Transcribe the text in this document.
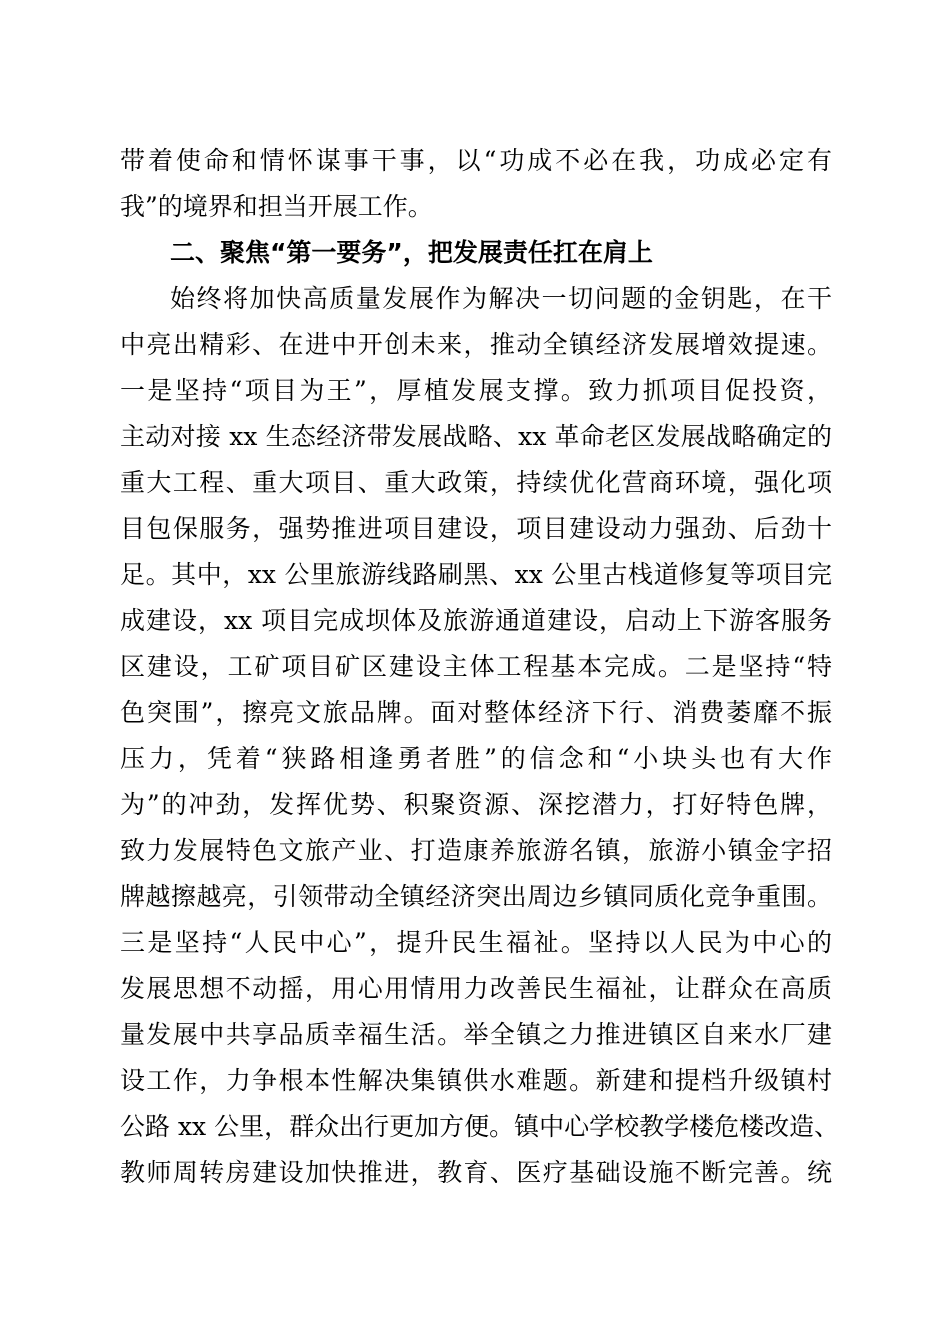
带着使命和情怀谋事干事，以“功成不必在我，功成必定有
我”的境界和担当开展工作。
二、聚焦“第一要务”，把发展责任扛在肩上
始终将加快高质量发展作为解决一切问题的金钥匙，在干
中亮出精彩、在进中开创未来，推动全镇经济发展增效提速。
一是坚持“项目为王”，厚植发展支撑。致力抓项目促投资，
主动对接 xx 生态经济带发展战略、xx 革命老区发展战略确定的
重大工程、重大项目、重大政策，持续优化营商环境，强化项
目包保服务，强势推进项目建设，项目建设动力强劲、后劲十
足。其中，xx 公里旅游线路刷黑、xx 公里古栈道修复等项目完
成建设，xx 项目完成坝体及旅游通道建设，启动上下游客服务
区建设，工矿项目矿区建设主体工程基本完成。二是坚持“特
色突围”，擦亮文旅品牌。面对整体经济下行、消费萎靡不振
压力，凭着“狭路相逢勇者胜”的信念和“小块头也有大作
为”的冲劲，发挥优势、积聚资源、深挖潜力，打好特色牌，
致力发展特色文旅产业、打造康养旅游名镇，旅游小镇金字招
牌越擦越亮，引领带动全镇经济突出周边乡镇同质化竞争重围。
三是坚持“人民中心”，提升民生福祉。坚持以人民为中心的
发展思想不动摇，用心用情用力改善民生福祉，让群众在高质
量发展中共享品质幸福生活。举全镇之力推进镇区自来水厂建
设工作，力争根本性解决集镇供水难题。新建和提档升级镇村
公路 xx 公里，群众出行更加方便。镇中心学校教学楼危楼改造、
教师周转房建设加快推进，教育、医疗基础设施不断完善。统
